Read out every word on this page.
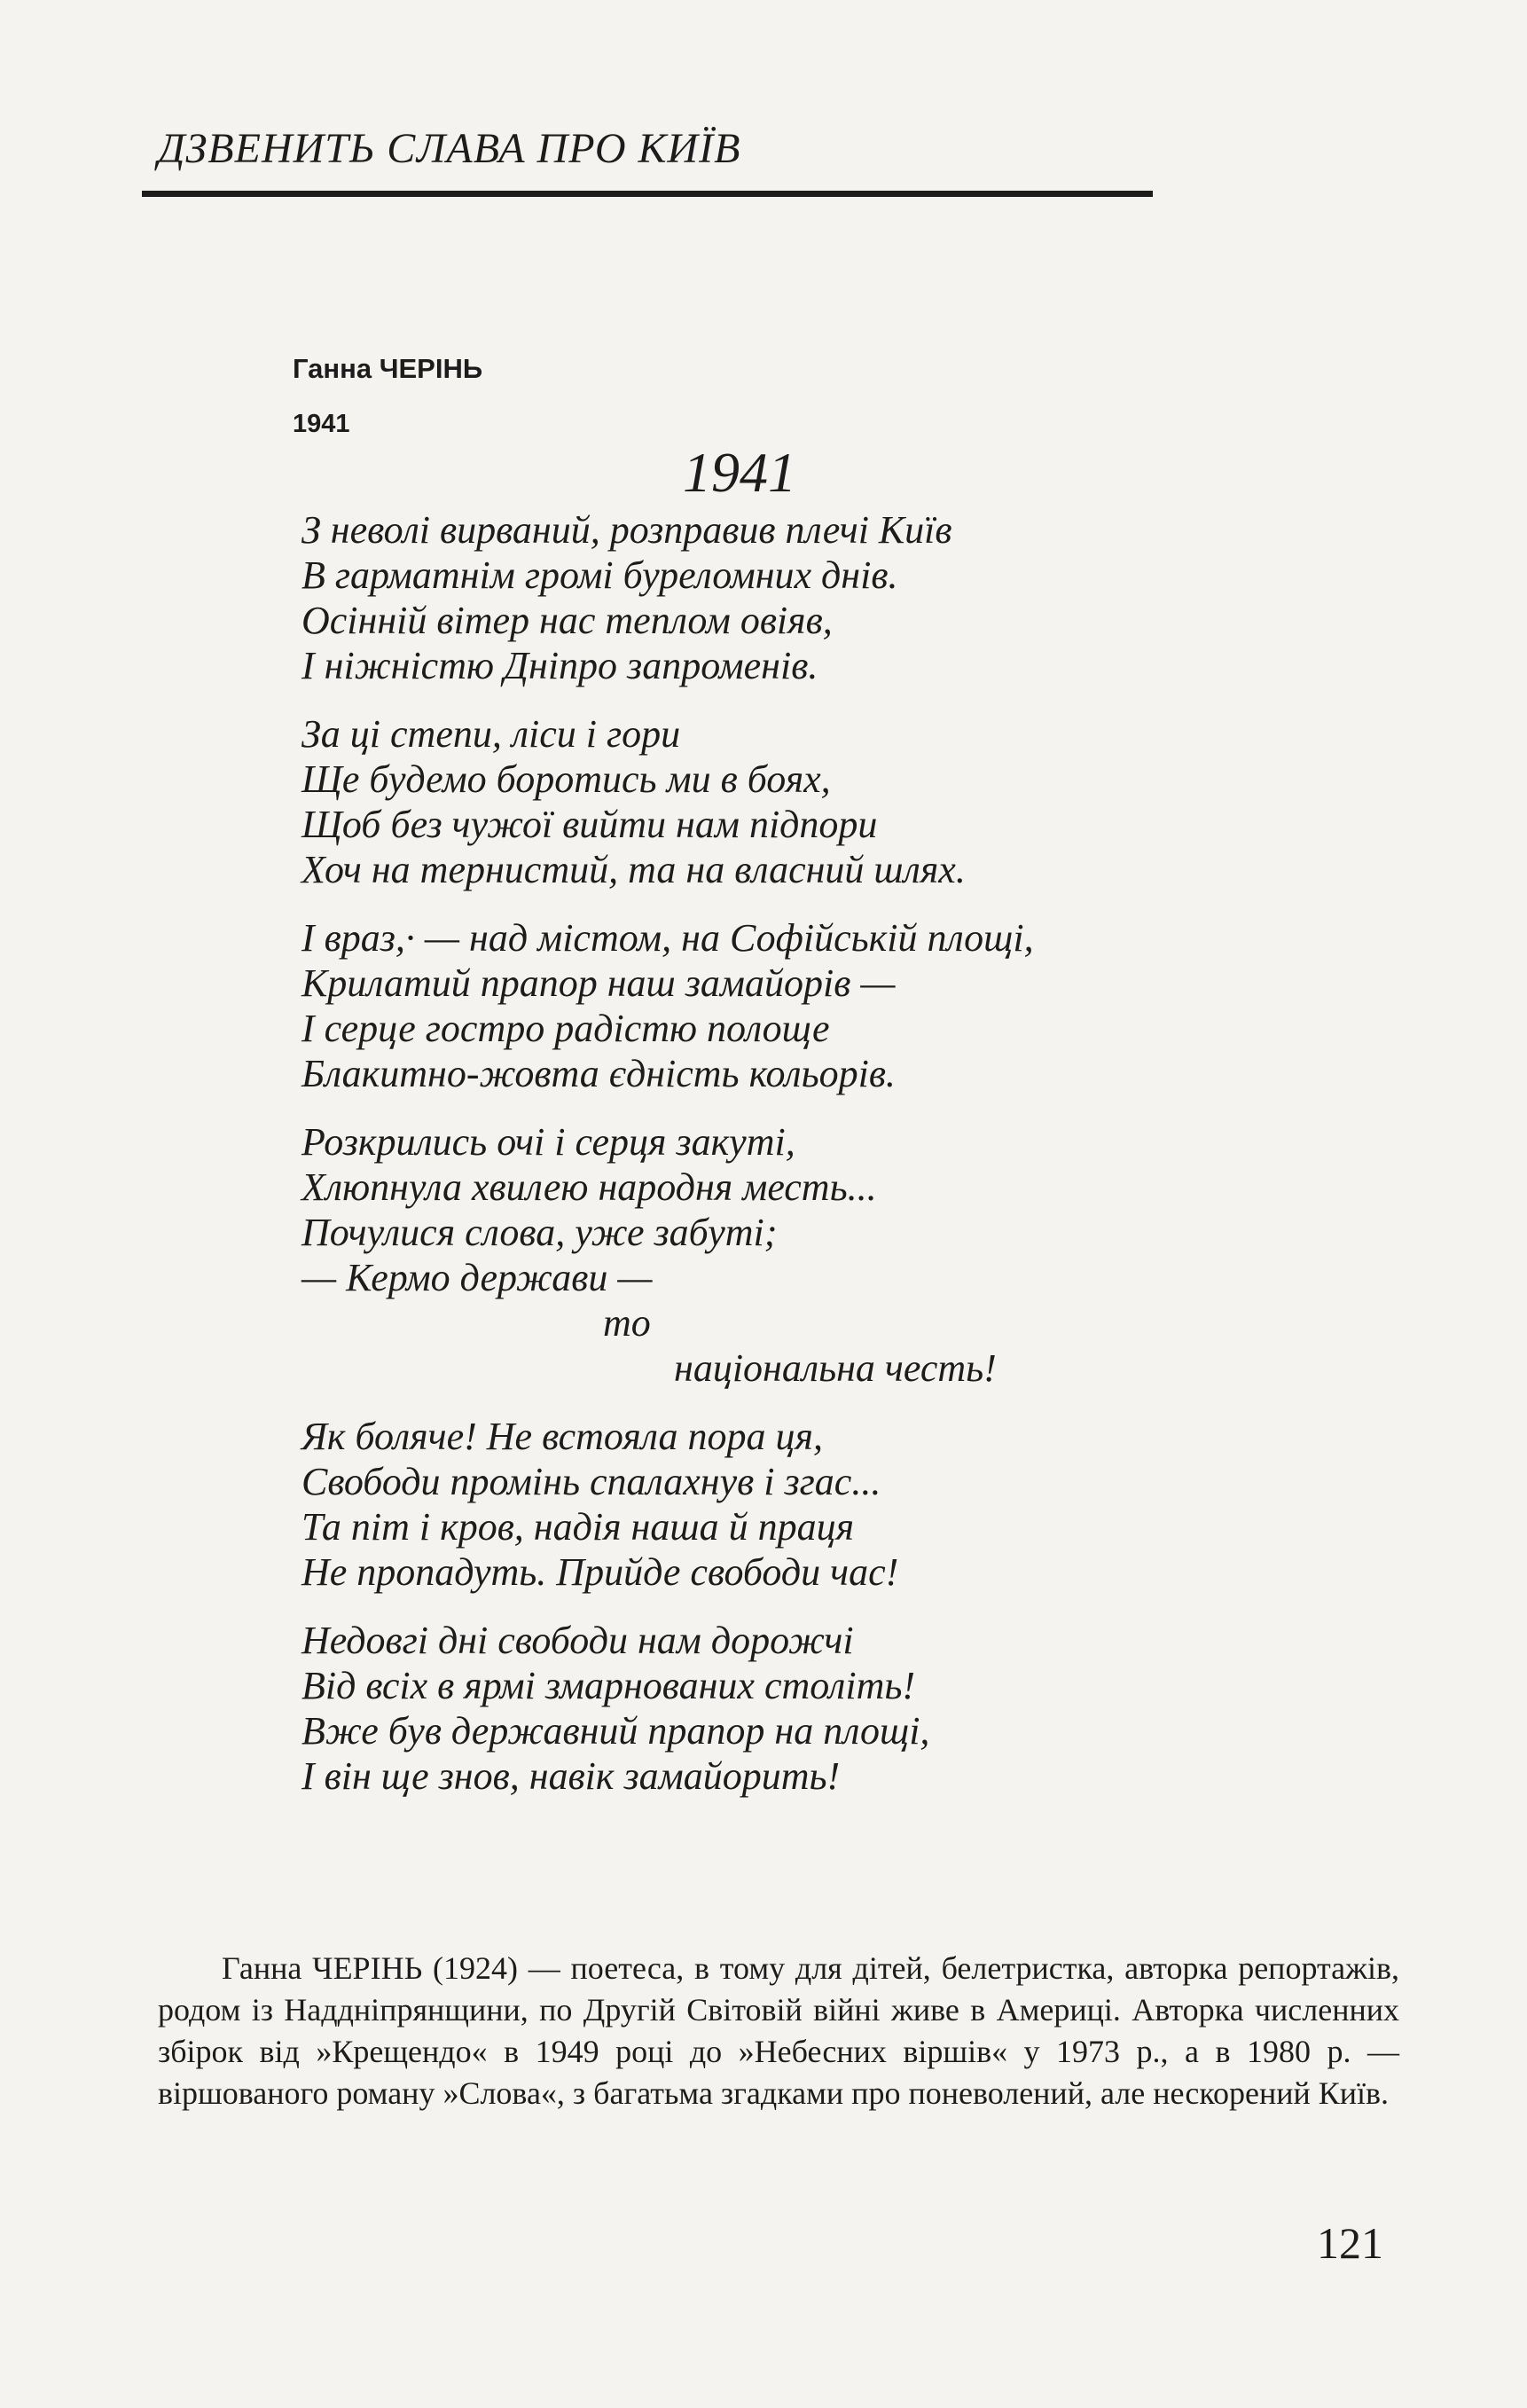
ДЗВЕНИТЬ СЛАВА ПРО КИЇВ
Ганна ЧЕРІНЬ
1941
1941
З неволі вирваний, розправив плечі Київ
В гарматнім громі буреломних днів.
Осінній вітер нас теплом овіяв,
І ніжністю Дніпро запроменів.
За ці степи, ліси і гори
Ще будемо боротись ми в боях,
Щоб без чужої вийти нам підпори
Хоч на тернистий, та на власний шлях.
І враз,· — над містом, на Софійській площі,
Крилатий прапор наш замайорів —
І серце гостро радістю полоще
Блакитно-жовта єдність кольорів.
Розкрились очі і серця закуті,
Хлюпнула хвилею народня месть...
Почулися слова, уже забуті;
— Кермо держави —
то
національна честь!
Як боляче! Не встояла пора ця,
Свободи промінь спалахнув і згас...
Та піт і кров, надія наша й праця
Не пропадуть. Прийде свободи час!
Недовгі дні свободи нам дорожчі
Від всіх в ярмі змарнованих століть!
Вже був державний прапор на площі,
І він ще знов, навік замайорить!
Ганна ЧЕРІНЬ (1924) — поетеса, в тому для дітей, белетристка, авторка репортажів, родом із Наддніпрянщини, по Другій Світовій війні живе в Америці. Авторка численних збірок від »Крещендо« в 1949 році до »Небесних віршів« у 1973 р., а в 1980 р. — віршованого роману »Слова«, з багатьма згадками про поневолений, але нескорений Київ.
121
